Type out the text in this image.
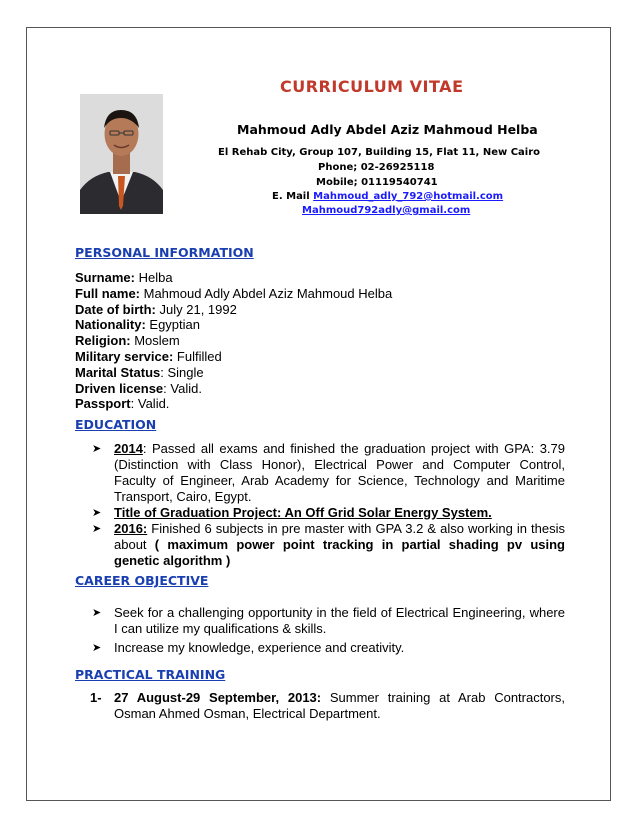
CURRICULUM VITAE
Mahmoud Adly Abdel Aziz Mahmoud Helba
El Rehab City, Group 107, Building 15, Flat 11, New Cairo
Phone; 02-26925118
Mobile; 01119540741
E. Mail Mahmoud_adly_792@hotmail.com
Mahmoud792adly@gmail.com
PERSONAL INFORMATION
Surname: Helba
Full name: Mahmoud Adly Abdel Aziz Mahmoud Helba
Date of birth: July 21, 1992
Nationality: Egyptian
Religion: Moslem
Military service: Fulfilled
Marital Status: Single
Driven license: Valid.
Passport: Valid.
EDUCATION
➤ 2014: Passed all exams and finished the graduation project with GPA: 3.79 (Distinction with Class Honor), Electrical Power and Computer Control, Faculty of Engineer, Arab Academy for Science, Technology and Maritime Transport, Cairo, Egypt.
➤ Title of Graduation Project: An Off Grid Solar Energy System.
➤ 2016: Finished 6 subjects in pre master with GPA 3.2 & also working in thesis about ( maximum power point tracking in partial shading pv using genetic algorithm )
CAREER OBJECTIVE
➤ Seek for a challenging opportunity in the field of Electrical Engineering, where I can utilize my qualifications & skills.
➤ Increase my knowledge, experience and creativity.
PRACTICAL TRAINING
1- 27 August-29 September, 2013: Summer training at Arab Contractors, Osman Ahmed Osman, Electrical Department.
